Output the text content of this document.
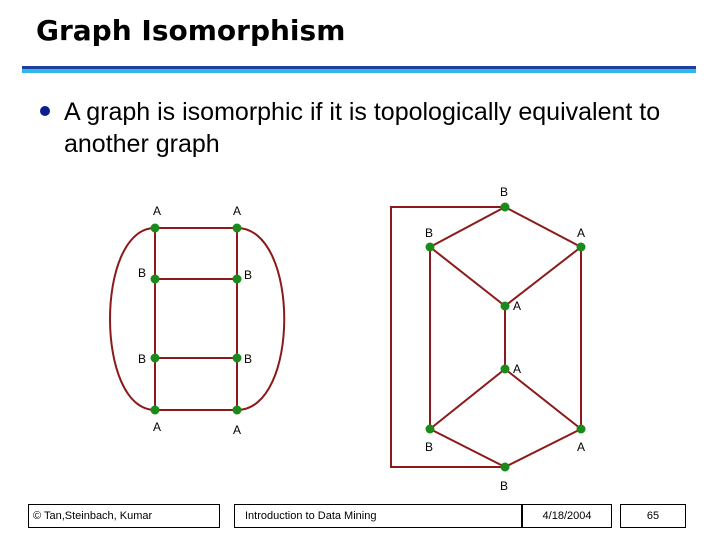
Graph Isomorphism
A graph is isomorphic if it is topologically equivalent to another graph
A	A
B	B
B	B
A	A
B
B	A
A
A
B	A
B
© Tan,Steinbach, Kumar	Introduction to Data Mining	4/18/2004	65
